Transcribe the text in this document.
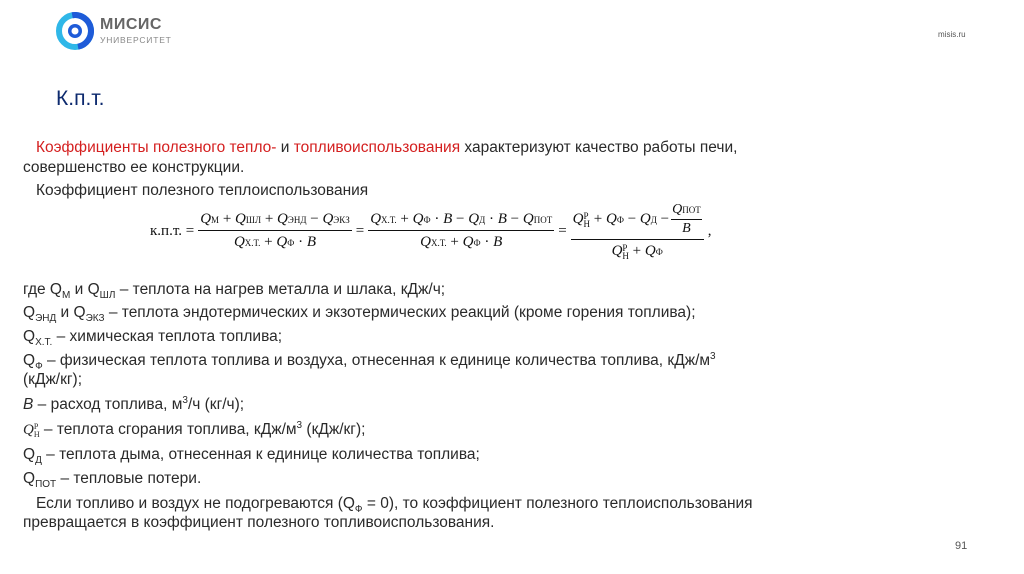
МИСИС
УНИВЕРСИТЕТ
misis.ru
К.п.т.
Коэффициенты полезного тепло- и топливоиспользования характеризуют качество работы печи,
совершенство ее конструкции.
Коэффициент полезного теплоиспользования
к.п.т. = $\frac{\text{QМ + QШЛ + QЭНД − QЭКЗ}}{QХ.Т. + QФ \cdot B} = \frac{\text{QХ.Т. + QФ · B − QД · B − QПОТ}}{QХ.Т. + QФ \cdot B} = Q$ Р
Н + QФ − QД −
QПОТ
B
Q Р
Н + QФ ,
где $Q_М$ и $Q_{ШЛ}$ – теплота на нагрев металла и шлака, кДж/ч;
$Q_{ЭНД}$ и $Q_{ЭКЗ}$ – теплота эндотермических и экзотермических реакций (кроме горения топлива);
$Q_{Х.Т.}$ – химическая теплота топлива;
$Q_Ф$ – физическая теплота топлива и воздуха, отнесенная к единице количества топлива, кДж/$м^3$
(кДж/кг);
B – расход топлива, $м^3/ч$ (кг/ч);
Q Р
Н – теплота сгорания топлива, кДж/$м^3$ (кДж/кг);
$Q_Д$ – теплота дыма, отнесенная к единице количества топлива;
$Q_{ПОТ}$ – тепловые потери.
Если топливо и воздух не подогреваются $(Q_Ф = 0)$, то коэффициент полезного теплоиспользования
превращается в коэффициент полезного топливоиспользования.
91
